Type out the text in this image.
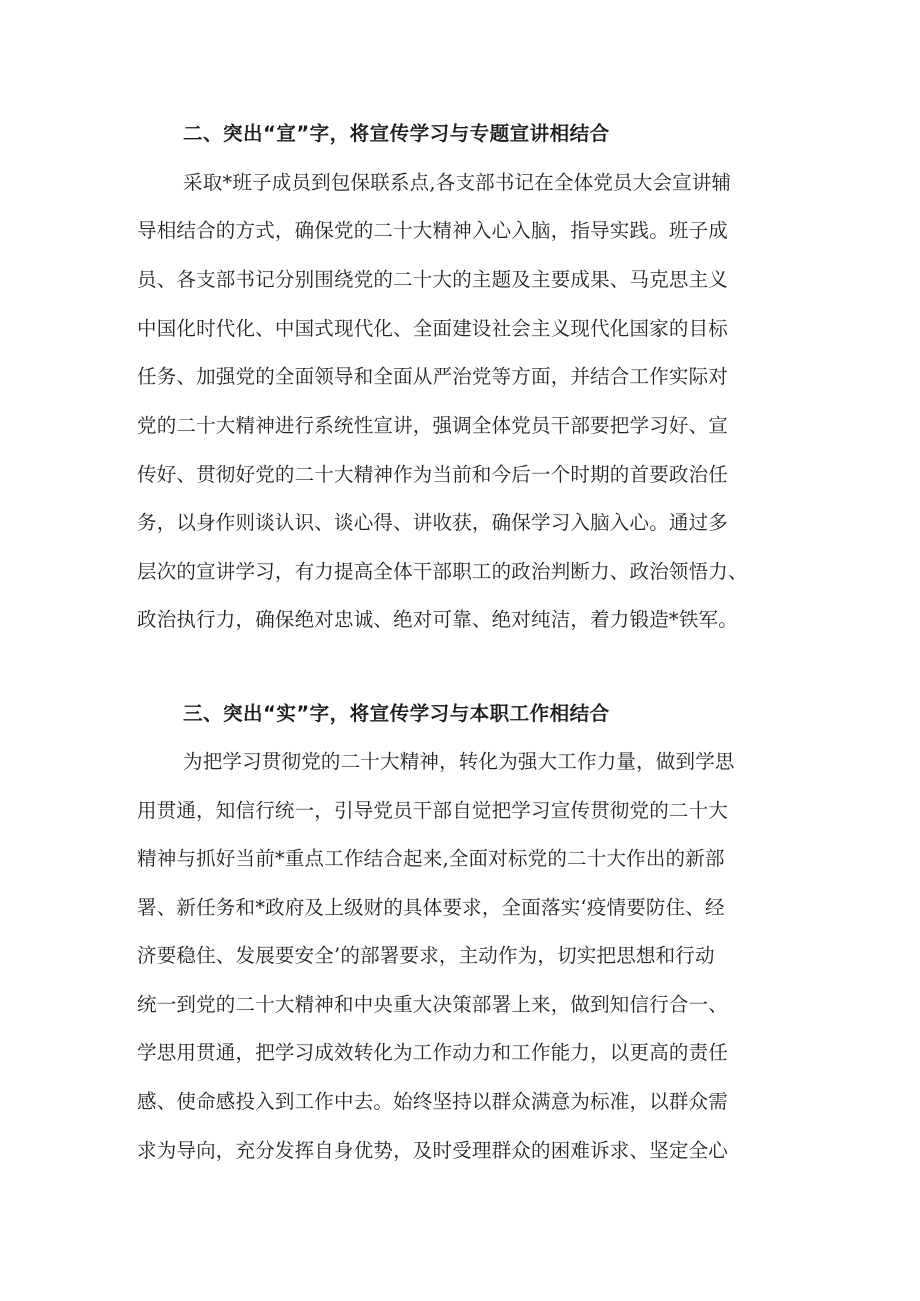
二、突出“宣”字，将宣传学习与专题宣讲相结合
采取*班子成员到包保联系点,各支部书记在全体党员大会宣讲辅
导相结合的方式，确保党的二十大精神入心入脑，指导实践。班子成
员、各支部书记分别围绕党的二十大的主题及主要成果、马克思主义
中国化时代化、中国式现代化、全面建设社会主义现代化国家的目标
任务、加强党的全面领导和全面从严治党等方面，并结合工作实际对
党的二十大精神进行系统性宣讲，强调全体党员干部要把学习好、宣
传好、贯彻好党的二十大精神作为当前和今后一个时期的首要政治任
务，以身作则谈认识、谈心得、讲收获，确保学习入脑入心。通过多
层次的宣讲学习，有力提高全体干部职工的政治判断力、政治领悟力、
政治执行力，确保绝对忠诚、绝对可靠、绝对纯洁，着力锻造*铁军。
三、突出“实”字，将宣传学习与本职工作相结合
为把学习贯彻党的二十大精神，转化为强大工作力量，做到学思
用贯通，知信行统一，引导党员干部自觉把学习宣传贯彻党的二十大
精神与抓好当前*重点工作结合起来,全面对标党的二十大作出的新部
署、新任务和*政府及上级财的具体要求，全面落实‘疫情要防住、经
济要稳住、发展要安全’的部署要求，主动作为，切实把思想和行动
统一到党的二十大精神和中央重大决策部署上来，做到知信行合一、
学思用贯通，把学习成效转化为工作动力和工作能力，以更高的责任
感、使命感投入到工作中去。始终坚持以群众满意为标准，以群众需
求为导向，充分发挥自身优势，及时受理群众的困难诉求、坚定全心
